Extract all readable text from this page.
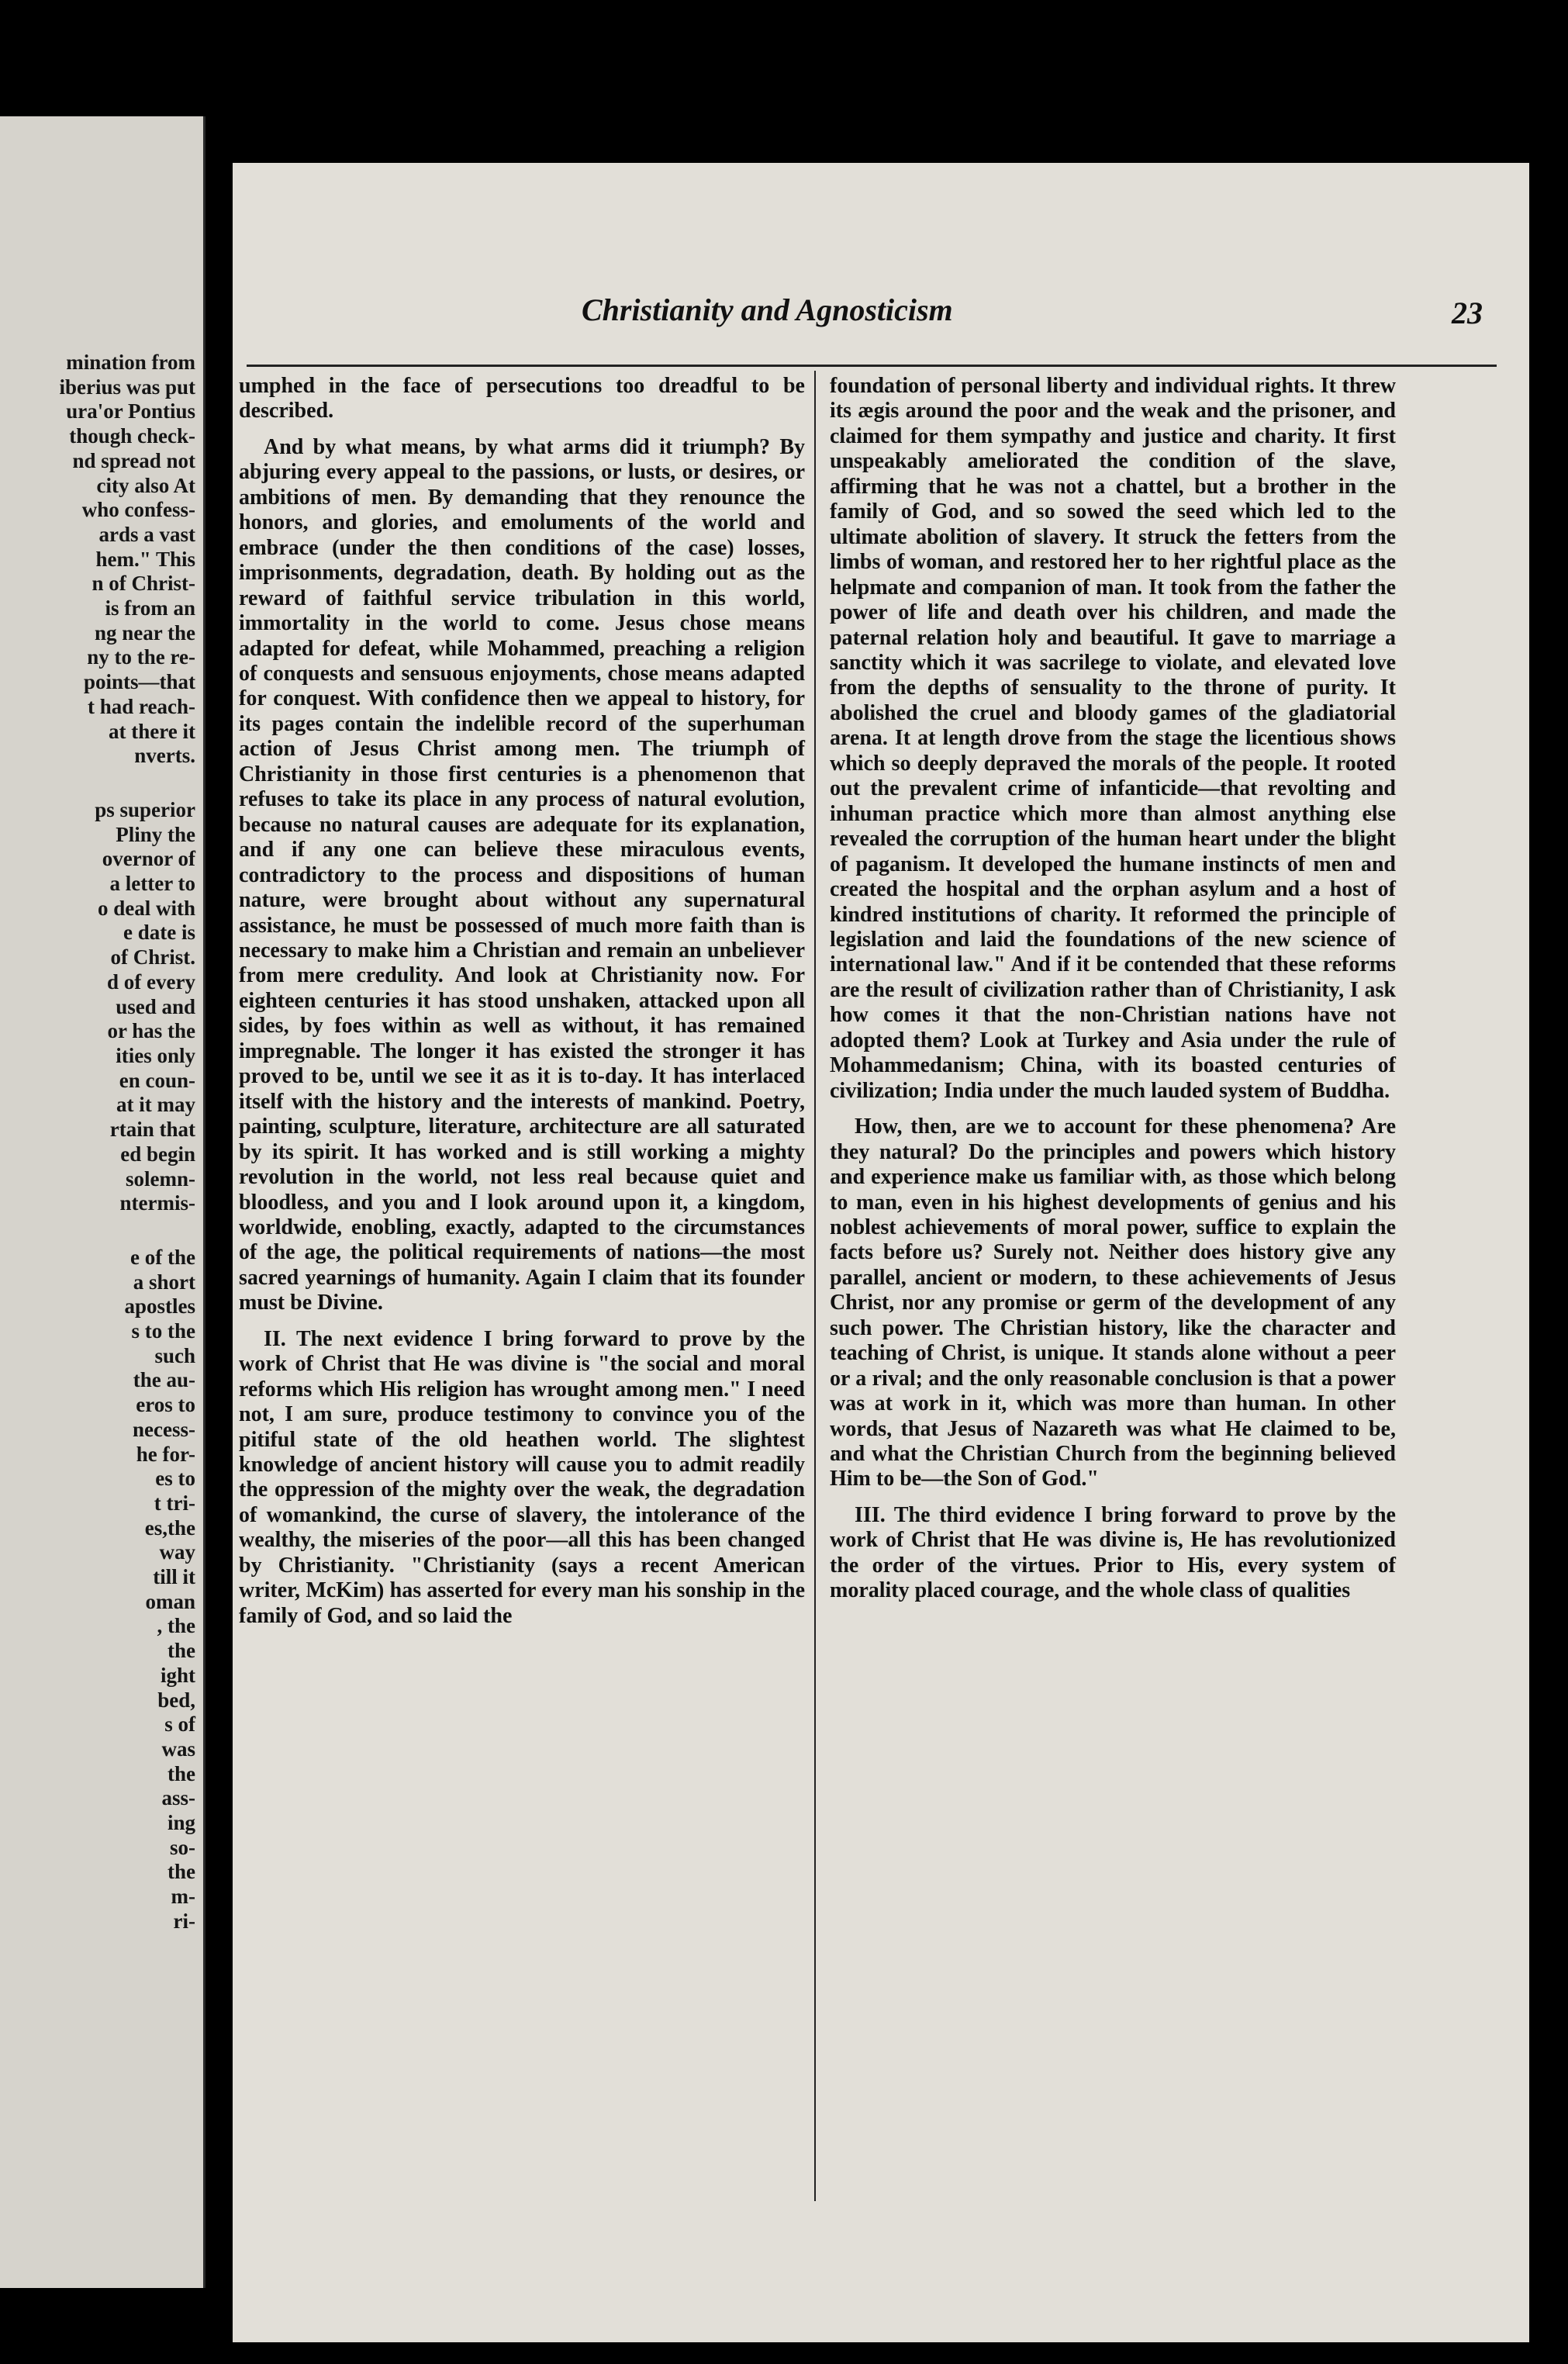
mination from
iberius was put
ura'or Pontius
though check-
nd spread not
city also At
who confess-
ards a vast
hem." This
n of Christ-
is from an
ng near the
ny to the re-
points—that
t had reach-
at there it
nverts.
ps superior
Pliny the
overnor of
a letter to
o deal with
e date is
of Christ.
d of every
used and
or has the
ities only
en coun-
at it may
rtain that
ed begin
solemn-
ntermis-
e of the
a short
apostles
s to the
such
the au-
eros to
necess-
he for-
es to
t tri-
es,the
way
till it
oman
, the
the
ight
bed,
s of
was
the
ass-
ing
so-
the
m-
ri-
Christianity and Agnosticism	23

umphed in the face of persecutions too dreadful to be described.

And by what means, by what arms did it triumph? By abjuring every appeal to the passions, or lusts, or desires, or ambitions of men. By demanding that they renounce the honors, and glories, and emoluments of the world and embrace (under the then conditions of the case) losses, imprisonments, degradation, death. By holding out as the reward of faithful service tribulation in this world, immortality in the world to come. Jesus chose means adapted for defeat, while Mohammed, preaching a religion of conquests and sensuous enjoyments, chose means adapted for conquest. With confidence then we appeal to history, for its pages contain the indelible record of the superhuman action of Jesus Christ among men. The triumph of Christianity in those first centuries is a phenomenon that refuses to take its place in any process of natural evolution, because no natural causes are adequate for its explanation, and if any one can believe these miraculous events, contradictory to the process and dispositions of human nature, were brought about without any supernatural assistance, he must be possessed of much more faith than is necessary to make him a Christian and remain an unbeliever from mere credulity. And look at Christianity now. For eighteen centuries it has stood unshaken, attacked upon all sides, by foes within as well as without, it has remained impregnable. The longer it has existed the stronger it has proved to be, until we see it as it is to-day. It has interlaced itself with the history and the interests of mankind. Poetry, painting, sculpture, literature, architecture are all saturated by its spirit. It has worked and is still working a mighty revolution in the world, not less real because quiet and bloodless, and you and I look around upon it, a kingdom, worldwide, enobling, exactly, adapted to the circumstances of the age, the political requirements of nations—the most sacred yearnings of humanity. Again I claim that its founder must be Divine.

II. The next evidence I bring forward to prove by the work of Christ that He was divine is "the social and moral reforms which His religion has wrought among men." I need not, I am sure, produce testimony to convince you of the pitiful state of the old heathen world. The slightest knowledge of ancient history will cause you to admit readily the oppression of the mighty over the weak, the degradation of womankind, the curse of slavery, the intolerance of the wealthy, the miseries of the poor—all this has been changed by Christianity. "Christianity (says a recent American writer, McKim) has asserted for every man his sonship in the family of God, and so laid the

foundation of personal liberty and individual rights. It threw its ægis around the poor and the weak and the prisoner, and claimed for them sympathy and justice and charity. It first unspeakably ameliorated the condition of the slave, affirming that he was not a chattel, but a brother in the family of God, and so sowed the seed which led to the ultimate abolition of slavery. It struck the fetters from the limbs of woman, and restored her to her rightful place as the helpmate and companion of man. It took from the father the power of life and death over his children, and made the paternal relation holy and beautiful. It gave to marriage a sanctity which it was sacrilege to violate, and elevated love from the depths of sensuality to the throne of purity. It abolished the cruel and bloody games of the gladiatorial arena. It at length drove from the stage the licentious shows which so deeply depraved the morals of the people. It rooted out the prevalent crime of infanticide—that revolting and inhuman practice which more than almost anything else revealed the corruption of the human heart under the blight of paganism. It developed the humane instincts of men and created the hospital and the orphan asylum and a host of kindred institutions of charity. It reformed the principle of legislation and laid the foundations of the new science of international law." And if it be contended that these reforms are the result of civilization rather than of Christianity, I ask how comes it that the non-Christian nations have not adopted them? Look at Turkey and Asia under the rule of Mohammedanism; China, with its boasted centuries of civilization; India under the much lauded system of Buddha.

How, then, are we to account for these phenomena? Are they natural? Do the principles and powers which history and experience make us familiar with, as those which belong to man, even in his highest developments of genius and his noblest achievements of moral power, suffice to explain the facts before us? Surely not. Neither does history give any parallel, ancient or modern, to these achievements of Jesus Christ, nor any promise or germ of the development of any such power. The Christian history, like the character and teaching of Christ, is unique. It stands alone without a peer or a rival; and the only reasonable conclusion is that a power was at work in it, which was more than human. In other words, that Jesus of Nazareth was what He claimed to be, and what the Christian Church from the beginning believed Him to be—the Son of God."

III. The third evidence I bring forward to prove by the work of Christ that He was divine is, He has revolutionized the order of the virtues. Prior to His, every system of morality placed courage, and the whole class of qualities
